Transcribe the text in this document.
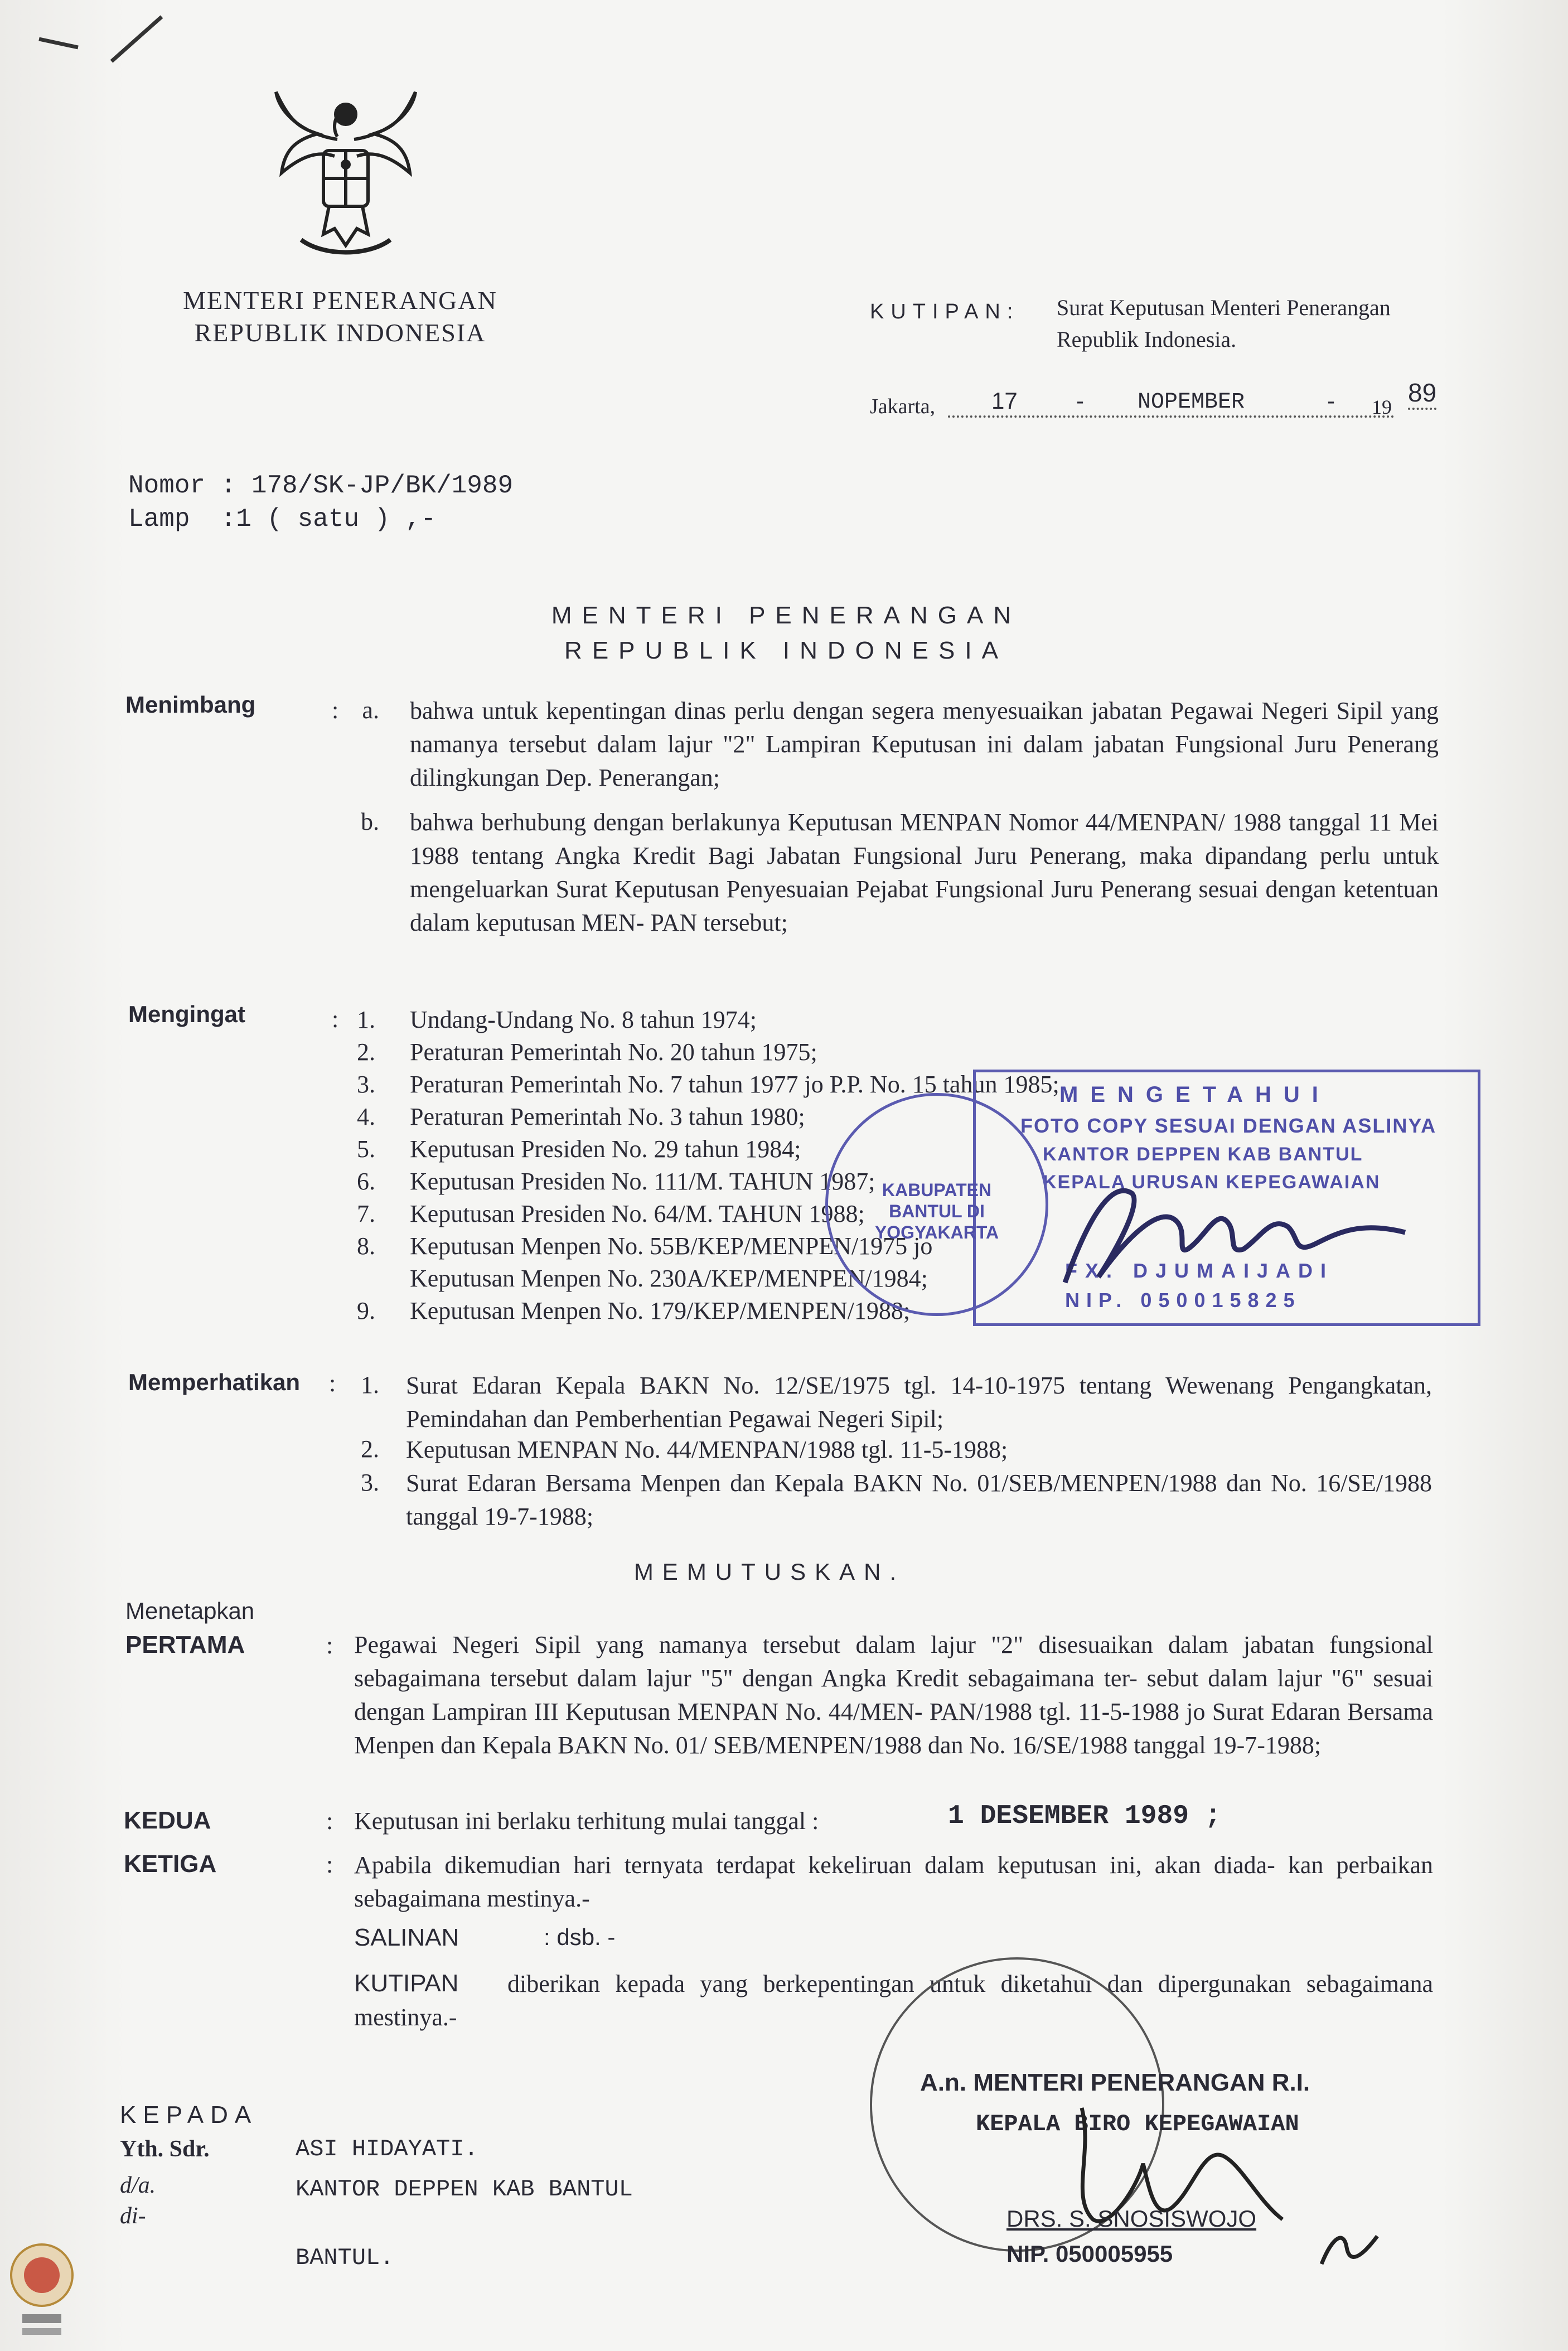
MENTERI PENERANGAN
REPUBLIK INDONESIA
KUTIPAN: Surat Keputusan Menteri Penerangan
Republik Indonesia.
Jakarta, 17	- NOPEMBER	- 19 89
Nomor : 178/SK-JP/BK/1989
Lamp  :1 ( satu ) ,-
MENTERI PENERANGAN
REPUBLIK INDONESIA
Menimbang	: a. bahwa untuk kepentingan dinas perlu dengan segera menyesuaikan jabatan Pegawai Negeri Sipil yang namanya tersebut dalam lajur "2" Lampiran Keputusan ini dalam jabatan Fungsional Juru Penerang dilingkungan Dep. Penerangan;
b. bahwa berhubung dengan berlakunya Keputusan MENPAN Nomor 44/MENPAN/ 1988 tanggal 11 Mei 1988 tentang Angka Kredit Bagi Jabatan Fungsional Juru Penerang, maka dipandang perlu untuk mengeluarkan Surat Keputusan Penyesuaian Pejabat Fungsional Juru Penerang sesuai dengan ketentuan dalam keputusan MEN- PAN tersebut;
Mengingat	: 1. Undang-Undang No. 8 tahun 1974;
2. Peraturan Pemerintah No. 20 tahun 1975;
3. Peraturan Pemerintah No. 7 tahun 1977 jo P.P. No. 15 tahun 1985;
4. Peraturan Pemerintah No. 3 tahun 1980;
5. Keputusan Presiden No. 29 tahun 1984;
6. Keputusan Presiden No. 111/M. TAHUN 1987;
7. Keputusan Presiden No. 64/M. TAHUN 1988;
8. Keputusan Menpen No. 55B/KEP/MENPEN/1975 jo
Keputusan Menpen No. 230A/KEP/MENPEN/1984;
9. Keputusan Menpen No. 179/KEP/MENPEN/1988;
MENGETAHUI
FOTO COPY SESUAI DENGAN ASLINYA
KANTOR DEPPEN KAB BANTUL
KEPALA URUSAN KEPEGAWAIAN
FX. DJUMAIJADI
NIP. 050015825
KABUPATEN BANTUL DI YOGYAKARTA
Memperhatikan : 1. Surat Edaran Kepala BAKN No. 12/SE/1975 tgl. 14-10-1975 tentang Wewenang Pengangkatan, Pemindahan dan Pemberhentian Pegawai Negeri Sipil;
2. Keputusan MENPAN No. 44/MENPAN/1988 tgl. 11-5-1988;
3. Surat Edaran Bersama Menpen dan Kepala BAKN No. 01/SEB/MENPEN/1988 dan No. 16/SE/1988 tanggal 19-7-1988;
MEMUTUSKAN.
Menetapkan
PERTAMA	: Pegawai Negeri Sipil yang namanya tersebut dalam lajur "2" disesuaikan dalam jabatan fungsional sebagaimana tersebut dalam lajur "5" dengan Angka Kredit sebagaimana ter- sebut dalam lajur "6" sesuai dengan Lampiran III Keputusan MENPAN No. 44/MEN- PAN/1988 tgl. 11-5-1988 jo Surat Edaran Bersama Menpen dan Kepala BAKN No. 01/ SEB/MENPEN/1988 dan No. 16/SE/1988 tanggal 19-7-1988;
KEDUA	: Keputusan ini berlaku terhitung mulai tanggal :	1 DESEMBER 1989 ;
KETIGA	: Apabila dikemudian hari ternyata terdapat kekeliruan dalam keputusan ini, akan diada- kan perbaikan sebagaimana mestinya.-
SALINAN	: dsb. -
KUTIPAN	diberikan kepada yang berkepentingan untuk diketahui dan dipergunakan sebagaimana mestinya.-
KEPADA
Yth. Sdr.	ASI HIDAYATI.
d/a.	KANTOR DEPPEN KAB BANTUL
di-
BANTUL.
A.n. MENTERI PENERANGAN R.I.
KEPALA BIRO KEPEGAWAIAN
DRS. S. SNOSISWOJO
NIP. 050005955
